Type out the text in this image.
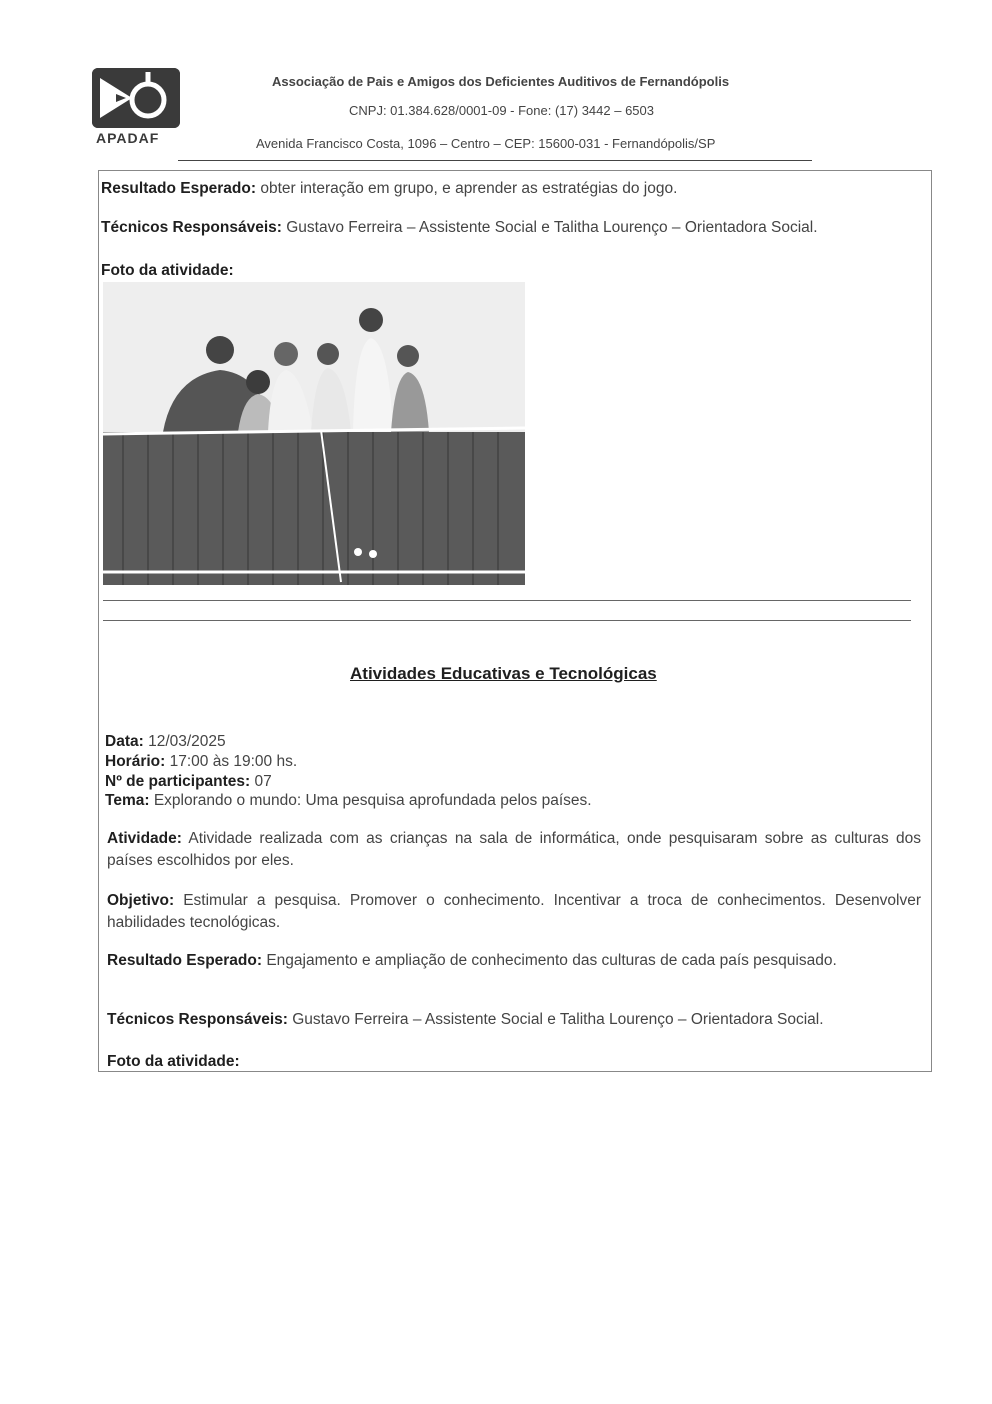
APADAF
Associação de Pais e Amigos dos Deficientes Auditivos de Fernandópolis
CNPJ: 01.384.628/0001-09 - Fone: (17) 3442 – 6503
Avenida Francisco Costa, 1096 – Centro – CEP: 15600-031 - Fernandópolis/SP
Resultado Esperado: obter interação em grupo, e aprender as estratégias do jogo.
Técnicos Responsáveis: Gustavo Ferreira – Assistente Social e Talitha Lourenço – Orientadora Social.
Foto da atividade:
Atividades Educativas e Tecnológicas
Data: 12/03/2025
Horário: 17:00 às 19:00 hs.
Nº de participantes: 07
Tema: Explorando o mundo: Uma pesquisa aprofundada pelos países.
Atividade: Atividade realizada com as crianças na sala de informática, onde pesquisaram sobre as culturas dos países escolhidos por eles.
Objetivo: Estimular a pesquisa. Promover o conhecimento. Incentivar a troca de conhecimentos. Desenvolver habilidades tecnológicas.
Resultado Esperado: Engajamento e ampliação de conhecimento das culturas de cada país pesquisado.
Técnicos Responsáveis: Gustavo Ferreira – Assistente Social e Talitha Lourenço – Orientadora Social.
Foto da atividade:
